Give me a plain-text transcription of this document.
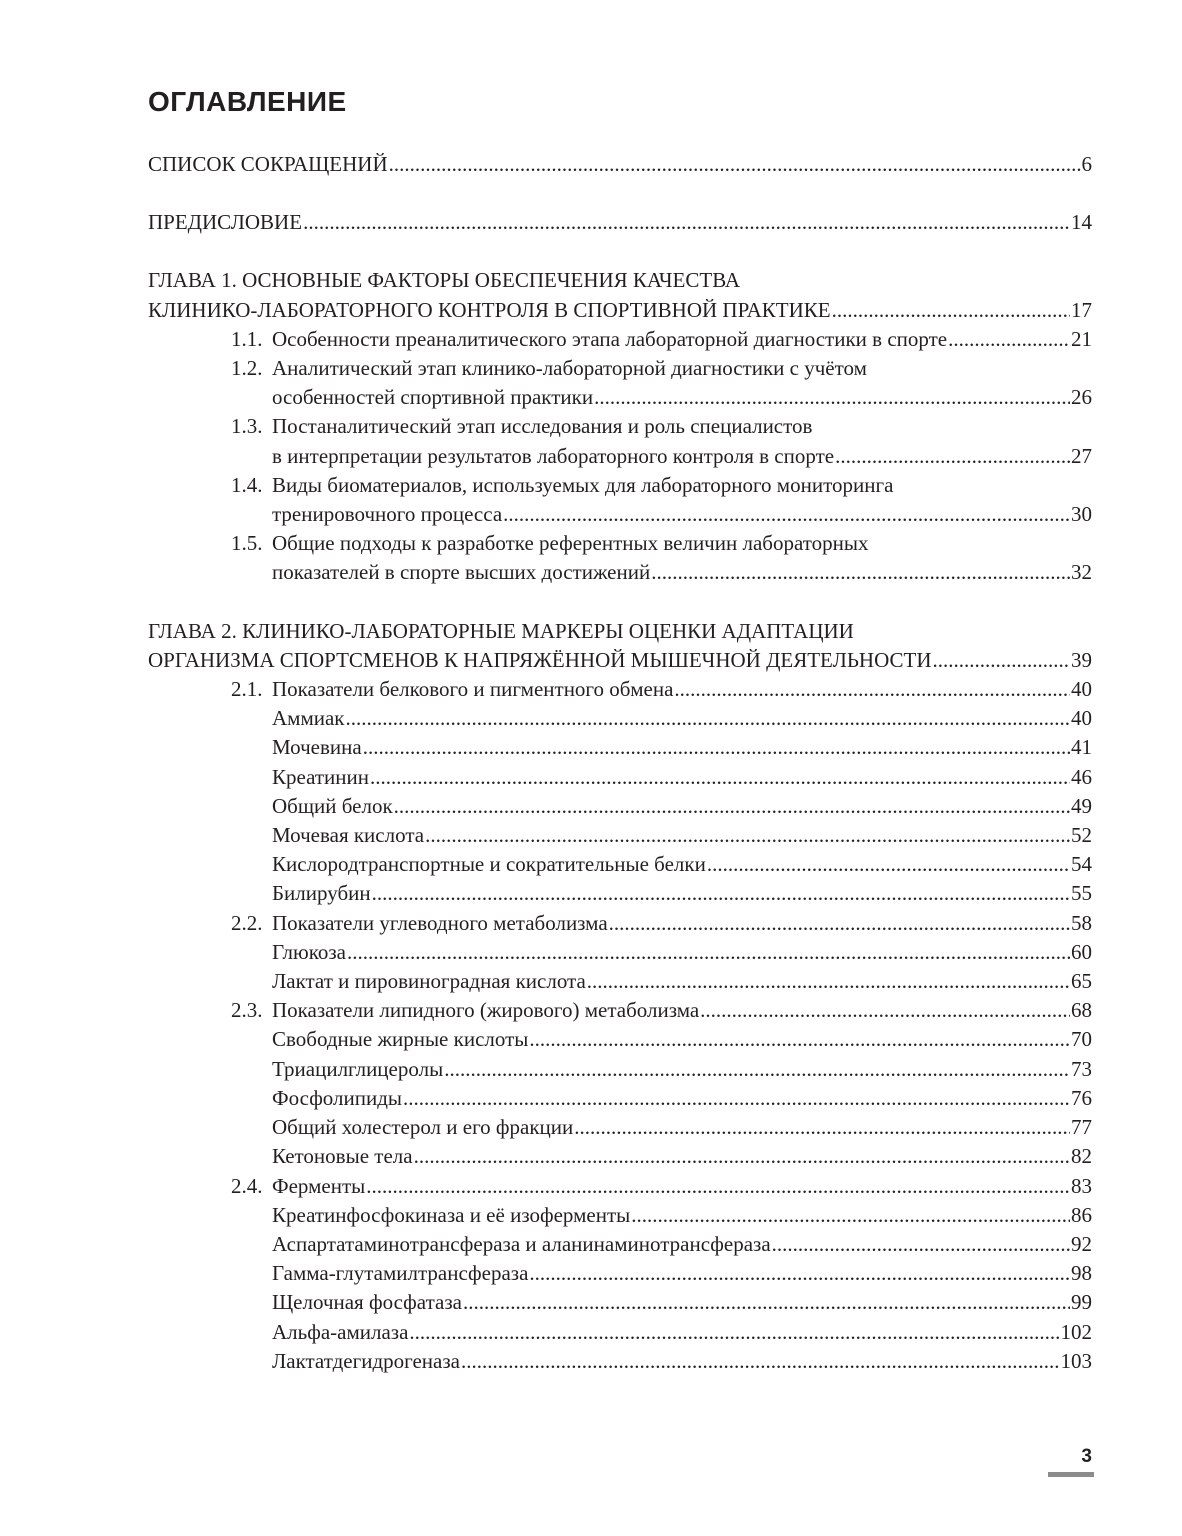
ОГЛАВЛЕНИЕ
СПИСОК СОКРАЩЕНИЙ .....	6
ПРЕДИСЛОВИЕ .....	14
ГЛАВА 1. ОСНОВНЫЕ ФАКТОРЫ ОБЕСПЕЧЕНИЯ КАЧЕСТВА
КЛИНИКО-ЛАБОРАТОРНОГО КОНТРОЛЯ В СПОРТИВНОЙ ПРАКТИКЕ .....	17
1.1. Особенности преаналитического этапа лабораторной диагностики в спорте .....	21
1.2. Аналитический этап клинико-лабораторной диагностики с учётом
особенностей спортивной практики .....	26
1.3. Постаналитический этап исследования и роль специалистов
в интерпретации результатов лабораторного контроля в спорте .....	27
1.4. Виды биоматериалов, используемых для лабораторного мониторинга
тренировочного процесса .....	30
1.5. Общие подходы к разработке референтных величин лабораторных
показателей в спорте высших достижений .....	32
ГЛАВА 2. КЛИНИКО-ЛАБОРАТОРНЫЕ МАРКЕРЫ ОЦЕНКИ АДАПТАЦИИ
ОРГАНИЗМА СПОРТСМЕНОВ К НАПРЯЖЁННОЙ МЫШЕЧНОЙ ДЕЯТЕЛЬНОСТИ .....	39
2.1. Показатели белкового и пигментного обмена .....	40
Аммиак .....	40
Мочевина .....	41
Креатинин .....	46
Общий белок .....	49
Мочевая кислота .....	52
Кислородтранспортные и сократительные белки .....	54
Билирубин .....	55
2.2. Показатели углеводного метаболизма .....	58
Глюкоза .....	60
Лактат и пировиноградная кислота .....	65
2.3. Показатели липидного (жирового) метаболизма .....	68
Свободные жирные кислоты .....	70
Триацилглицеролы .....	73
Фосфолипиды .....	76
Общий холестерол и его фракции .....	77
Кетоновые тела .....	82
2.4. Ферменты .....	83
Креатинфосфокиназа и её изоферменты .....	86
Аспартатаминотрансфераза и аланинаминотрансфераза .....	92
Гамма-глутамилтрансфераза .....	98
Щелочная фосфатаза .....	99
Альфа-амилаза .....	102
Лактатдегидрогеназа .....	103
3
